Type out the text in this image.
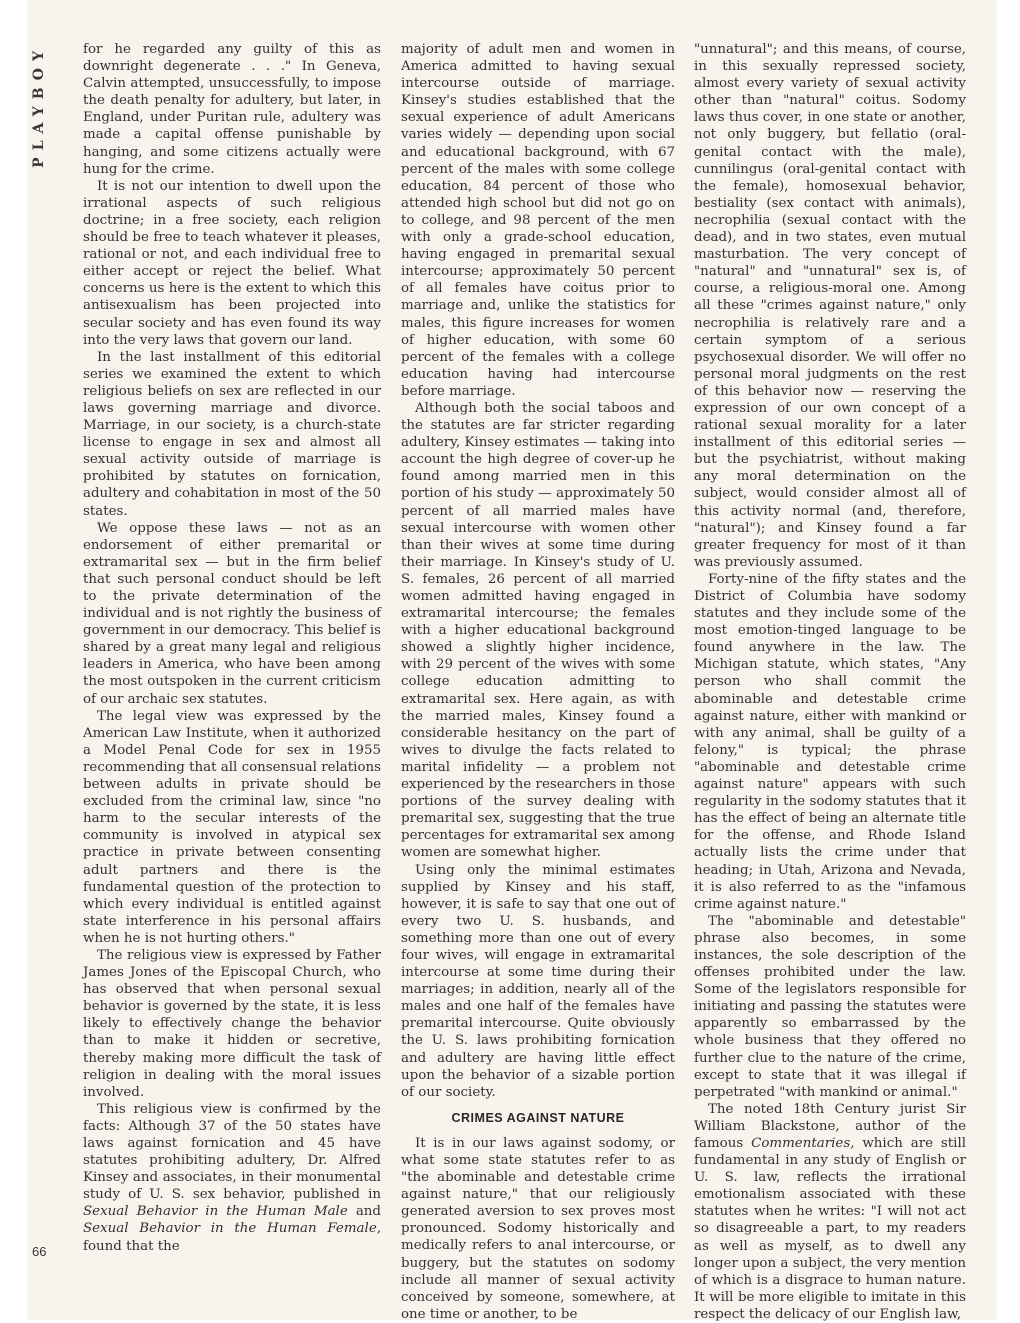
PLAYBOY
66

for he regarded any guilty of this as downright degenerate . . ." In Geneva, Calvin attempted, unsuccessfully, to impose the death penalty for adultery, but later, in England, under Puritan rule, adultery was made a capital offense punishable by hanging, and some citizens actually were hung for the crime.

It is not our intention to dwell upon the irrational aspects of such religious doctrine; in a free society, each religion should be free to teach whatever it pleases, rational or not, and each individual free to either accept or reject the belief. What concerns us here is the extent to which this antisexualism has been projected into secular society and has even found its way into the very laws that govern our land.

In the last installment of this editorial series we examined the extent to which religious beliefs on sex are reflected in our laws governing marriage and divorce. Marriage, in our society, is a church-state license to engage in sex and almost all sexual activity outside of marriage is prohibited by statutes on fornication, adultery and cohabitation in most of the 50 states.

We oppose these laws — not as an endorsement of either premarital or extramarital sex — but in the firm belief that such personal conduct should be left to the private determination of the individual and is not rightly the business of government in our democracy. This belief is shared by a great many legal and religious leaders in America, who have been among the most outspoken in the current criticism of our archaic sex statutes.

The legal view was expressed by the American Law Institute, when it authorized a Model Penal Code for sex in 1955 recommending that all consensual relations between adults in private should be excluded from the criminal law, since "no harm to the secular interests of the community is involved in atypical sex practice in private between consenting adult partners and there is the fundamental question of the protection to which every individual is entitled against state interference in his personal affairs when he is not hurting others."

The religious view is expressed by Father James Jones of the Episcopal Church, who has observed that when personal sexual behavior is governed by the state, it is less likely to effectively change the behavior than to make it hidden or secretive, thereby making more difficult the task of religion in dealing with the moral issues involved.

This religious view is confirmed by the facts: Although 37 of the 50 states have laws against fornication and 45 have statutes prohibiting adultery, Dr. Alfred Kinsey and associates, in their monumental study of U. S. sex behavior, published in Sexual Behavior in the Human Male and Sexual Behavior in the Human Female, found that the

majority of adult men and women in America admitted to having sexual intercourse outside of marriage. Kinsey's studies established that the sexual experience of adult Americans varies widely — depending upon social and educational background, with 67 percent of the males with some college education, 84 percent of those who attended high school but did not go on to college, and 98 percent of the men with only a grade-school education, having engaged in premarital sexual intercourse; approximately 50 percent of all females have coitus prior to marriage and, unlike the statistics for males, this figure increases for women of higher education, with some 60 percent of the females with a college education having had intercourse before marriage.

Although both the social taboos and the statutes are far stricter regarding adultery, Kinsey estimates — taking into account the high degree of cover-up he found among married men in this portion of his study — approximately 50 percent of all married males have sexual intercourse with women other than their wives at some time during their marriage. In Kinsey's study of U. S. females, 26 percent of all married women admitted having engaged in extramarital intercourse; the females with a higher educational background showed a slightly higher incidence, with 29 percent of the wives with some college education admitting to extramarital sex. Here again, as with the married males, Kinsey found a considerable hesitancy on the part of wives to divulge the facts related to marital infidelity — a problem not experienced by the researchers in those portions of the survey dealing with premarital sex, suggesting that the true percentages for extramarital sex among women are somewhat higher.

Using only the minimal estimates supplied by Kinsey and his staff, however, it is safe to say that one out of every two U. S. husbands, and something more than one out of every four wives, will engage in extramarital intercourse at some time during their marriages; in addition, nearly all of the males and one half of the females have premarital intercourse. Quite obviously the U. S. laws prohibiting fornication and adultery are having little effect upon the behavior of a sizable portion of our society.

CRIMES AGAINST NATURE

It is in our laws against sodomy, or what some state statutes refer to as "the abominable and detestable crime against nature," that our religiously generated aversion to sex proves most pronounced. Sodomy historically and medically refers to anal intercourse, or buggery, but the statutes on sodomy include all manner of sexual activity conceived by someone, somewhere, at one time or another, to be

"unnatural"; and this means, of course, in this sexually repressed society, almost every variety of sexual activity other than "natural" coitus. Sodomy laws thus cover, in one state or another, not only buggery, but fellatio (oral-genital contact with the male), cunnilingus (oral-genital contact with the female), homosexual behavior, bestiality (sex contact with animals), necrophilia (sexual contact with the dead), and in two states, even mutual masturbation. The very concept of "natural" and "unnatural" sex is, of course, a religious-moral one. Among all these "crimes against nature," only necrophilia is relatively rare and a certain symptom of a serious psychosexual disorder. We will offer no personal moral judgments on the rest of this behavior now — reserving the expression of our own concept of a rational sexual morality for a later installment of this editorial series — but the psychiatrist, without making any moral determination on the subject, would consider almost all of this activity normal (and, therefore, "natural"); and Kinsey found a far greater frequency for most of it than was previously assumed.

Forty-nine of the fifty states and the District of Columbia have sodomy statutes and they include some of the most emotion-tinged language to be found anywhere in the law. The Michigan statute, which states, "Any person who shall commit the abominable and detestable crime against nature, either with mankind or with any animal, shall be guilty of a felony," is typical; the phrase "abominable and detestable crime against nature" appears with such regularity in the sodomy statutes that it has the effect of being an alternate title for the offense, and Rhode Island actually lists the crime under that heading; in Utah, Arizona and Nevada, it is also referred to as the "infamous crime against nature."

The "abominable and detestable" phrase also becomes, in some instances, the sole description of the offenses prohibited under the law. Some of the legislators responsible for initiating and passing the statutes were apparently so embarrassed by the whole business that they offered no further clue to the nature of the crime, except to state that it was illegal if perpetrated "with mankind or animal."

The noted 18th Century jurist Sir William Blackstone, author of the famous Commentaries, which are still fundamental in any study of English or U. S. law, reflects the irrational emotionalism associated with these statutes when he writes: "I will not act so disagreeable a part, to my readers as well as myself, as to dwell any longer upon a subject, the very mention of which is a disgrace to human nature. It will be more eligible to imitate in this respect the delicacy of our English law,
